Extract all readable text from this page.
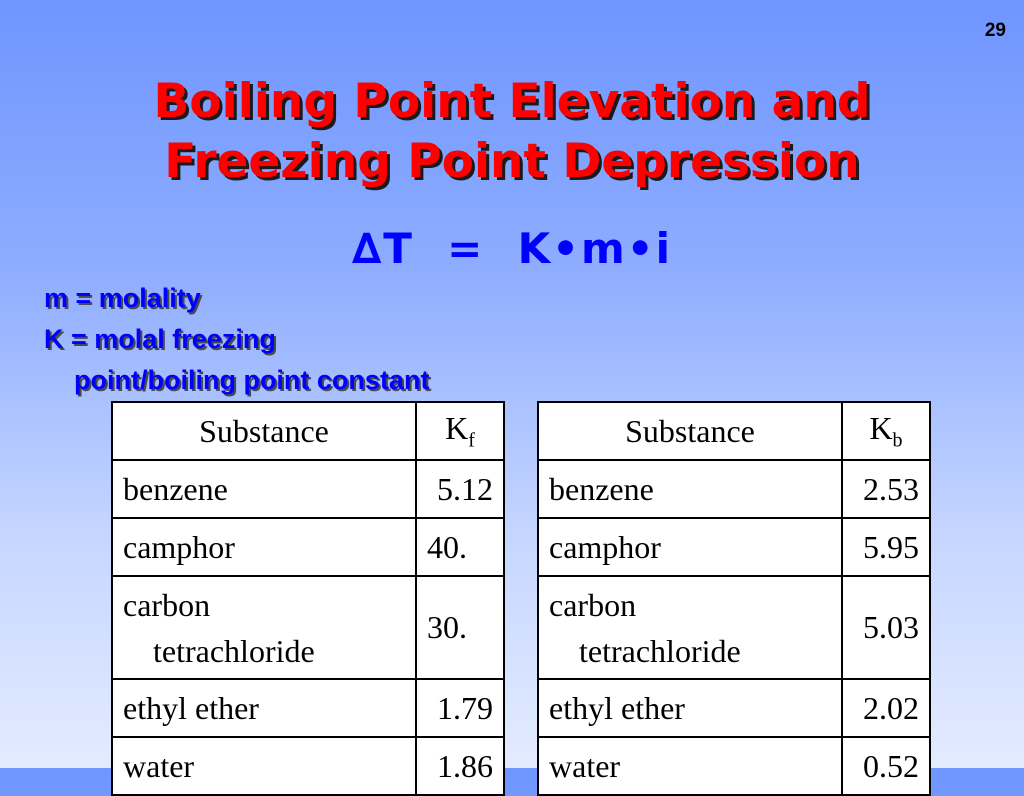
29
Boiling Point Elevation and
Freezing Point Depression
∆T  =  K•m•i
m = molality
K = molal freezing

point/boiling point constant
Substance	$K_f$
benzene	5.12
camphor	40.
carbon
tetrachloride	30.
ethyl ether	1.79
water	1.86
Substance	$K_b$
benzene	2.53
camphor	5.95
carbon
tetrachloride	5.03
ethyl ether	2.02
water	0.52
